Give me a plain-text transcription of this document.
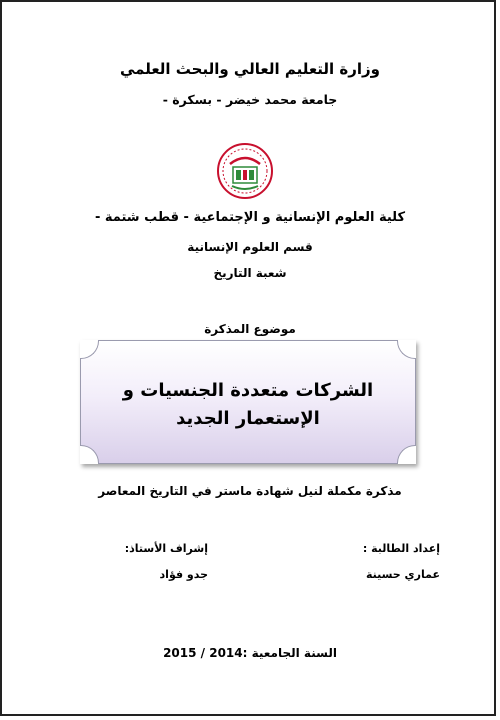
وزارة التعليم العالي والبحث العلمي
جامعة محمد خيضر - بسكرة -
كلية العلوم الإنسانية و الإجتماعية - قطب شتمة -
قسم العلوم الإنسانية
شعبة التاريخ
موضوع المذكرة
الشركات متعددة الجنسيات و الإستعمار الجديد
مذكرة مكملة لنيل شهادة ماستر في التاريخ المعاصر
إعداد الطالبة :
إشراف الأستاذ:
عماري حسينة
جدو فؤاد
السنة الجامعية :2014 / 2015
